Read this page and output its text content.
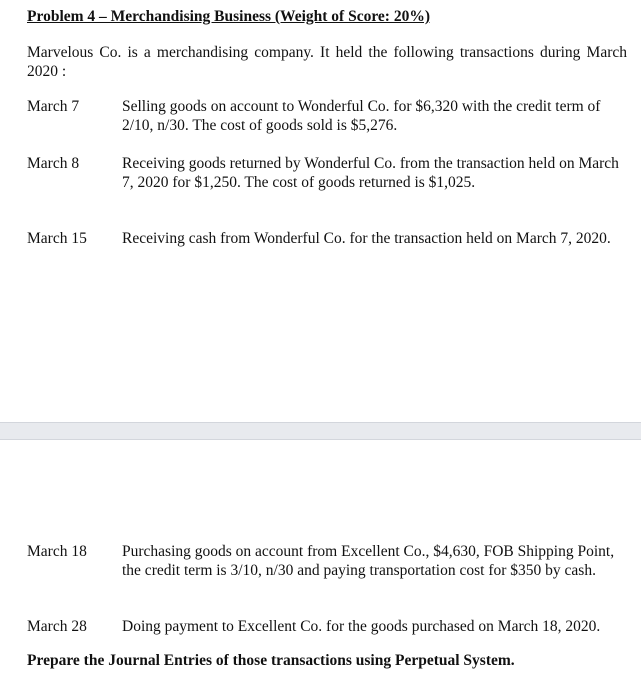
Problem 4 – Merchandising Business (Weight of Score: 20%)
Marvelous Co. is a merchandising company. It held the following transactions during March 2020 :
March 7	Selling goods on account to Wonderful Co. for $6,320 with the credit term of 2/10, n/30. The cost of goods sold is $5,276.
March 8	Receiving goods returned by Wonderful Co. from the transaction held on March 7, 2020 for $1,250. The cost of goods returned is $1,025.
March 15 Receiving cash from Wonderful Co. for the transaction held on March 7, 2020.
March 18 Purchasing goods on account from Excellent Co., $4,630, FOB Shipping Point, the credit term is 3/10, n/30 and paying transportation cost for $350 by cash.
March 28 Doing payment to Excellent Co. for the goods purchased on March 18, 2020.
Prepare the Journal Entries of those transactions using Perpetual System.
